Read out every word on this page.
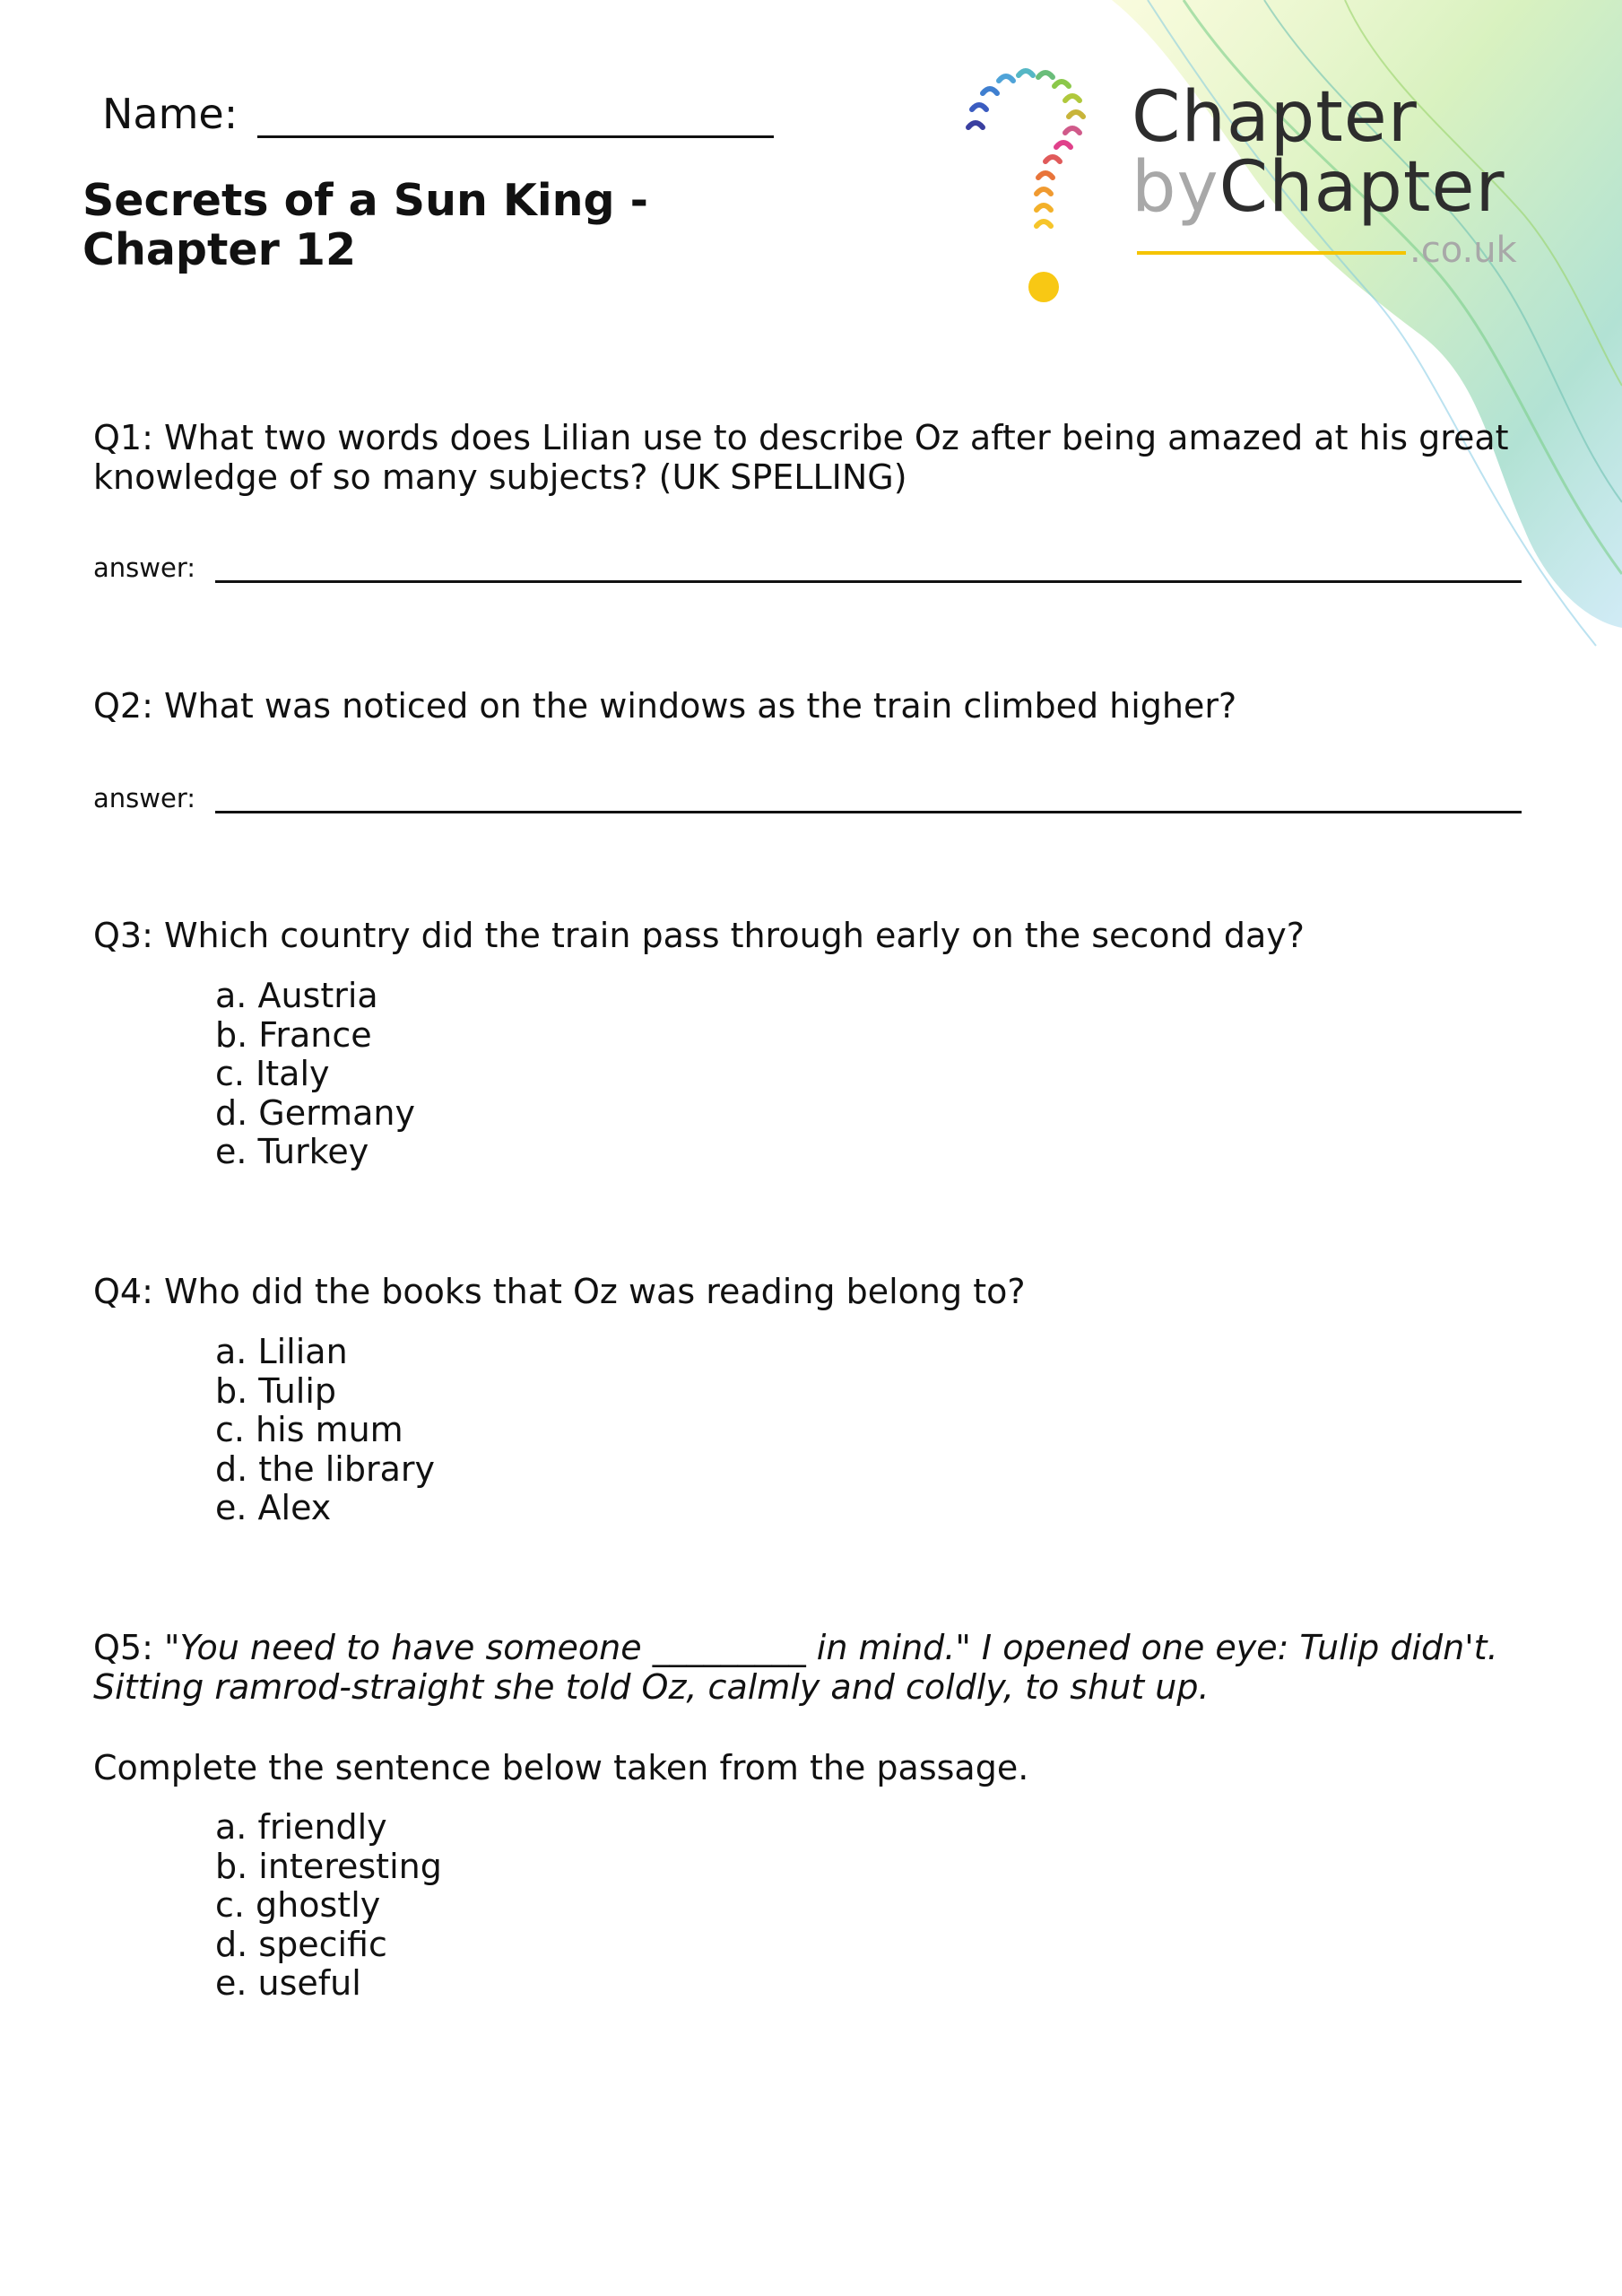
Chapter
byChapter
.co.uk
Name:
Secrets of a Sun King - Chapter 12
Q1: What two words does Lilian use to describe Oz after being amazed at his great knowledge of so many subjects? (UK SPELLING)
answer:
Q2: What was noticed on the windows as the train climbed higher?
answer:
Q3: Which country did the train pass through early on the second day?
a. Austria
b. France
c. Italy
d. Germany
e. Turkey
Q4: Who did the books that Oz was reading belong to?
a. Lilian
b. Tulip
c. his mum
d. the library
e. Alex
Q5: "You need to have someone _________ in mind." I opened one eye: Tulip didn't. Sitting ramrod-straight she told Oz, calmly and coldly, to shut up.
Complete the sentence below taken from the passage.
a. friendly
b. interesting
c. ghostly
d. specific
e. useful
